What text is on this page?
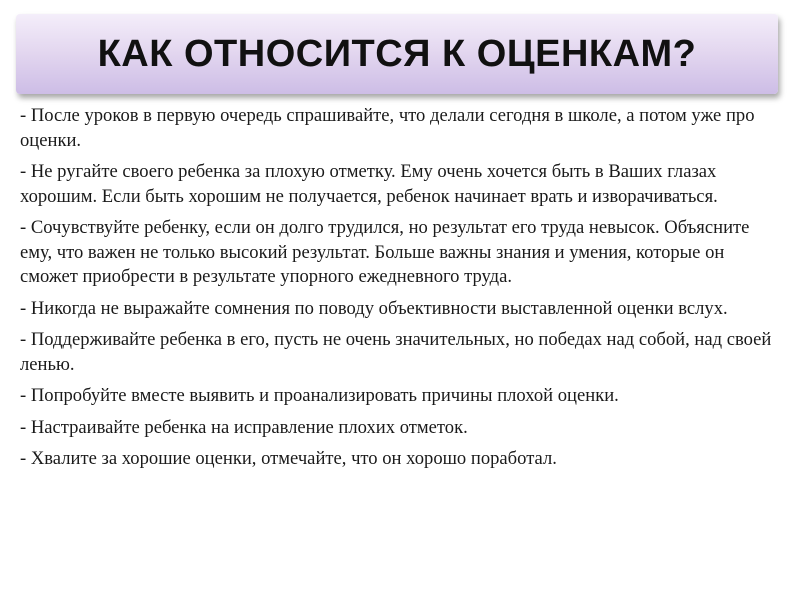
КАК ОТНОСИТСЯ К ОЦЕНКАМ?

- После уроков в первую очередь спрашивайте, что делали сегодня в школе, а потом уже про оценки.

- Не ругайте своего ребенка за плохую отметку. Ему очень хочется быть в Ваших глазах хорошим. Если быть хорошим не получается, ребенок начинает врать и изворачиваться.

- Сочувствуйте ребенку, если он долго трудился, но результат его труда невысок. Объясните ему, что важен не только высокий результат. Больше важны знания и умения, которые он сможет приобрести в результате упорного ежедневного труда.

- Никогда не выражайте сомнения по поводу объективности выставленной оценки вслух.

- Поддерживайте ребенка в его, пусть не очень значительных, но победах над собой, над своей ленью.

- Попробуйте вместе выявить и проанализировать причины плохой оценки.

- Настраивайте ребенка на исправление плохих отметок.

- Хвалите за хорошие оценки, отмечайте, что он хорошо поработал.
